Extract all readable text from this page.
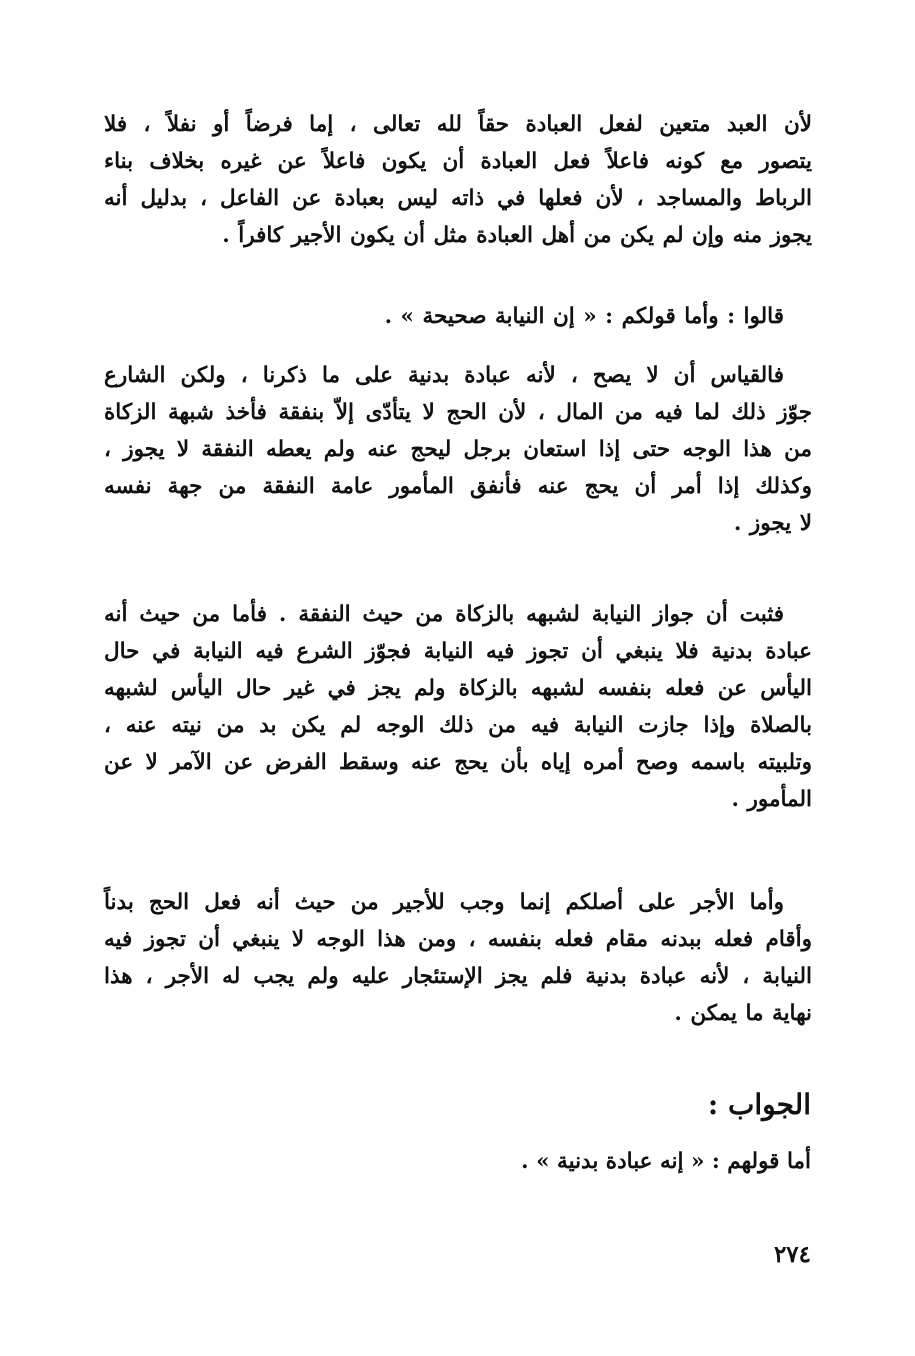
لأن العبد متعين لفعل العبادة حقاً لله تعالى ، إما فرضاً أو نفلاً ، فلا
يتصور مع كونه فاعلاً فعل العبادة أن يكون فاعلاً عن غيره بخلاف بناء
الرباط والمساجد ، لأن فعلها في ذاته ليس بعبادة عن الفاعل ، بدليل أنه
يجوز منه وإن لم يكن من أهل العبادة مثل أن يكون الأجير كافراً .
قالوا : وأما قولكم : « إن النيابة صحيحة » .
فالقياس أن لا يصح ، لأنه عبادة بدنية على ما ذكرنا ، ولكن الشارع
جوّز ذلك لما فيه من المال ، لأن الحج لا يتأدّى إلاّ بنفقة فأخذ شبهة الزكاة
من هذا الوجه حتى إذا استعان برجل ليحج عنه ولم يعطه النفقة لا يجوز ،
وكذلك إذا أمر أن يحج عنه فأنفق المأمور عامة النفقة من جهة نفسه
لا يجوز .
فثبت أن جواز النيابة لشبهه بالزكاة من حيث النفقة . فأما من حيث أنه
عبادة بدنية فلا ينبغي أن تجوز فيه النيابة فجوّز الشرع فيه النيابة في حال
اليأس عن فعله بنفسه لشبهه بالزكاة ولم يجز في غير حال اليأس لشبهه
بالصلاة وإذا جازت النيابة فيه من ذلك الوجه لم يكن بد من نيته عنه ،
وتلبيته باسمه وصح أمره إياه بأن يحج عنه وسقط الفرض عن الآمر لا عن
المأمور .
وأما الأجر على أصلكم إنما وجب للأجير من حيث أنه فعل الحج بدناً
وأقام فعله ببدنه مقام فعله بنفسه ، ومن هذا الوجه لا ينبغي أن تجوز فيه
النيابة ، لأنه عبادة بدنية فلم يجز الإستئجار عليه ولم يجب له الأجر ، هذا
نهاية ما يمكن .
الجواب :
أما قولهم : « إنه عبادة بدنية » .
٢٧٤
